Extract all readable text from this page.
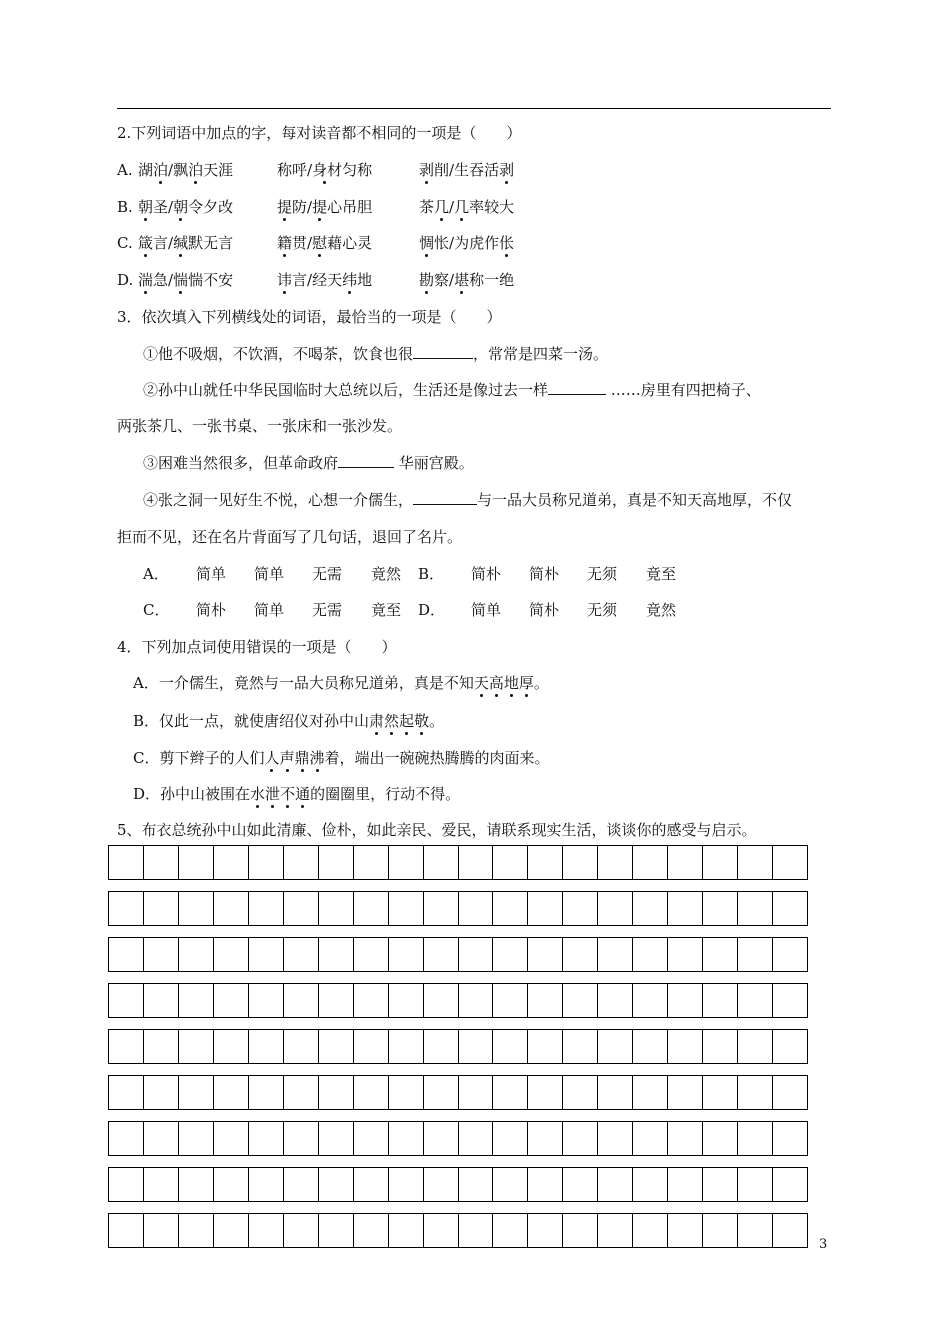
2.下列词语中加点的字，每对读音都不相同的一项是（　　）
A. 湖泊/飘泊天涯	称呼/身材匀称	剥削/生吞活剥
B. 朝圣/朝令夕改	提防/提心吊胆	茶几/几率较大
C. 箴言/缄默无言	籍贯/慰藉心灵	惆怅/为虎作伥
D. 湍急/惴惴不安	讳言/经天纬地	勘察/堪称一绝
3．依次填入下列横线处的词语，最恰当的一项是（　　）
①他不吸烟，不饮酒，不喝茶，饮食也很	，常常是四菜一汤。
②孙中山就任中华民国临时大总统以后，生活还是像过去一样	……房里有四把椅子、
两张茶几、一张书桌、一张床和一张沙发。
③困难当然很多，但革命政府	华丽宫殿。
④张之洞一见好生不悦，心想一介儒生，	与一品大员称兄道弟，真是不知天高地厚，不仅
拒而不见，还在名片背面写了几句话，退回了名片。
A． 简单 简单 无需 竟然 B． 简朴 简朴 无须 竟至
C． 简朴 简单 无需 竟至 D． 简单 简朴 无须 竟然
4．下列加点词使用错误的一项是（　　）
A．一介儒生，竟然与一品大员称兄道弟，真是不知天高地厚。
B．仅此一点，就使唐绍仪对孙中山肃然起敬。
C．剪下辫子的人们人声鼎沸着，端出一碗碗热腾腾的肉面来。
D．孙中山被围在水泄不通的圈圈里，行动不得。
5、布衣总统孙中山如此清廉、俭朴，如此亲民、爱民，请联系现实生活，谈谈你的感受与启示。
3
